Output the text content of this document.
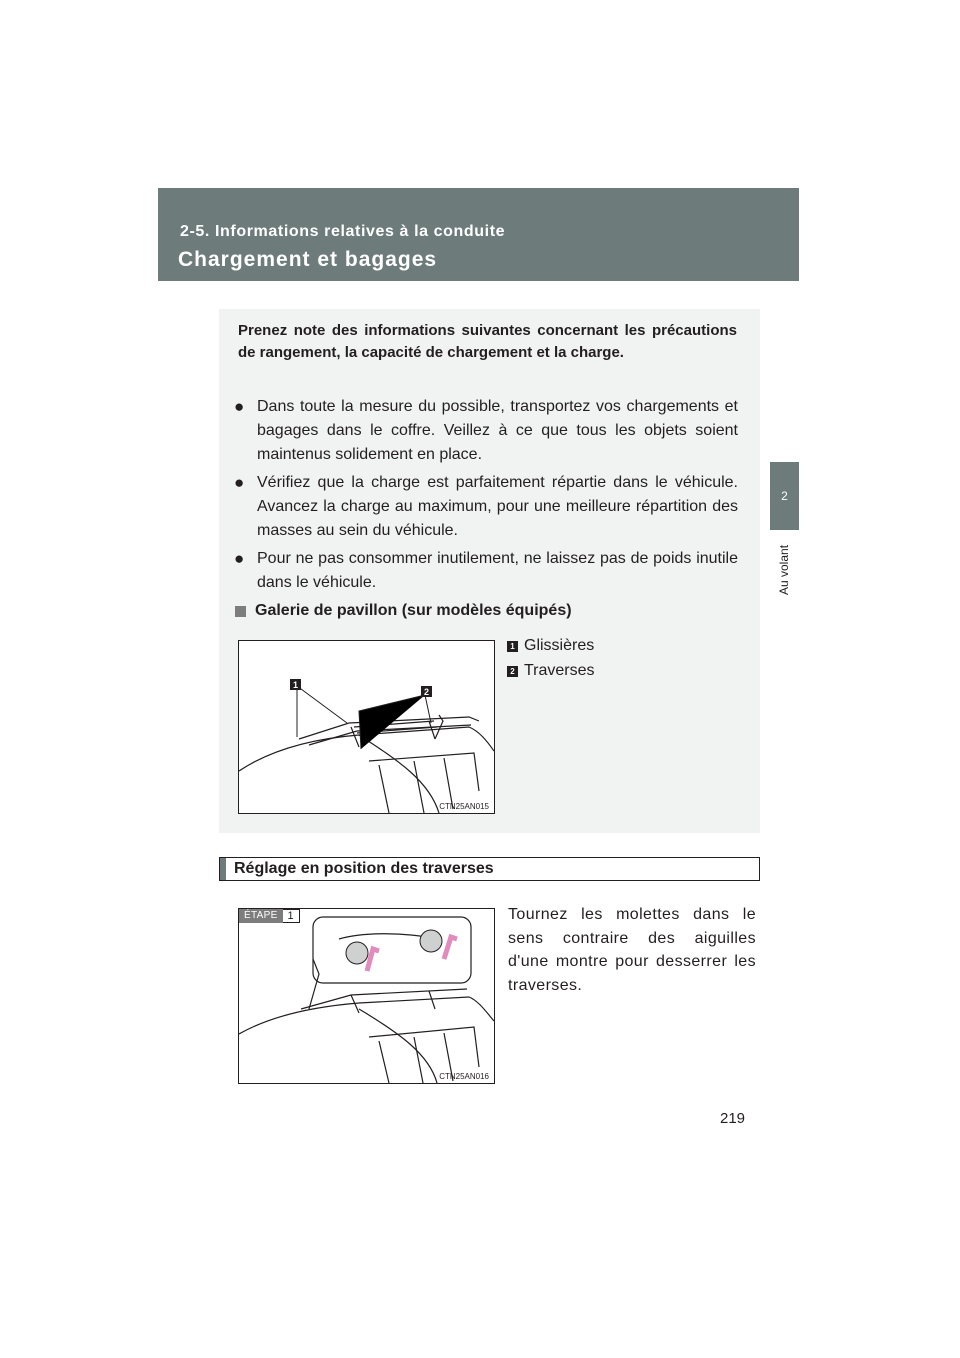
2-5. Informations relatives à la conduite
Chargement et bagages
2
Au volant

Prenez note des informations suivantes concernant les précautions de rangement, la capacité de chargement et la charge.

● Dans toute la mesure du possible, transportez vos chargements et bagages dans le coffre. Veillez à ce que tous les objets soient maintenus solidement en place.
● Vérifiez que la charge est parfaitement répartie dans le véhicule. Avancez la charge au maximum, pour une meilleure répartition des masses au sein du véhicule.
● Pour ne pas consommer inutilement, ne laissez pas de poids inutile dans le véhicule.
Galerie de pavillon (sur modèles équipés)
1 Glissières
2 Traverses
1
2
CTN25AN015
Réglage en position des traverses
ÉTAPE 1
CTN25AN016
Tournez les molettes dans le sens contraire des aiguilles d'une montre pour desserrer les traverses.
219
